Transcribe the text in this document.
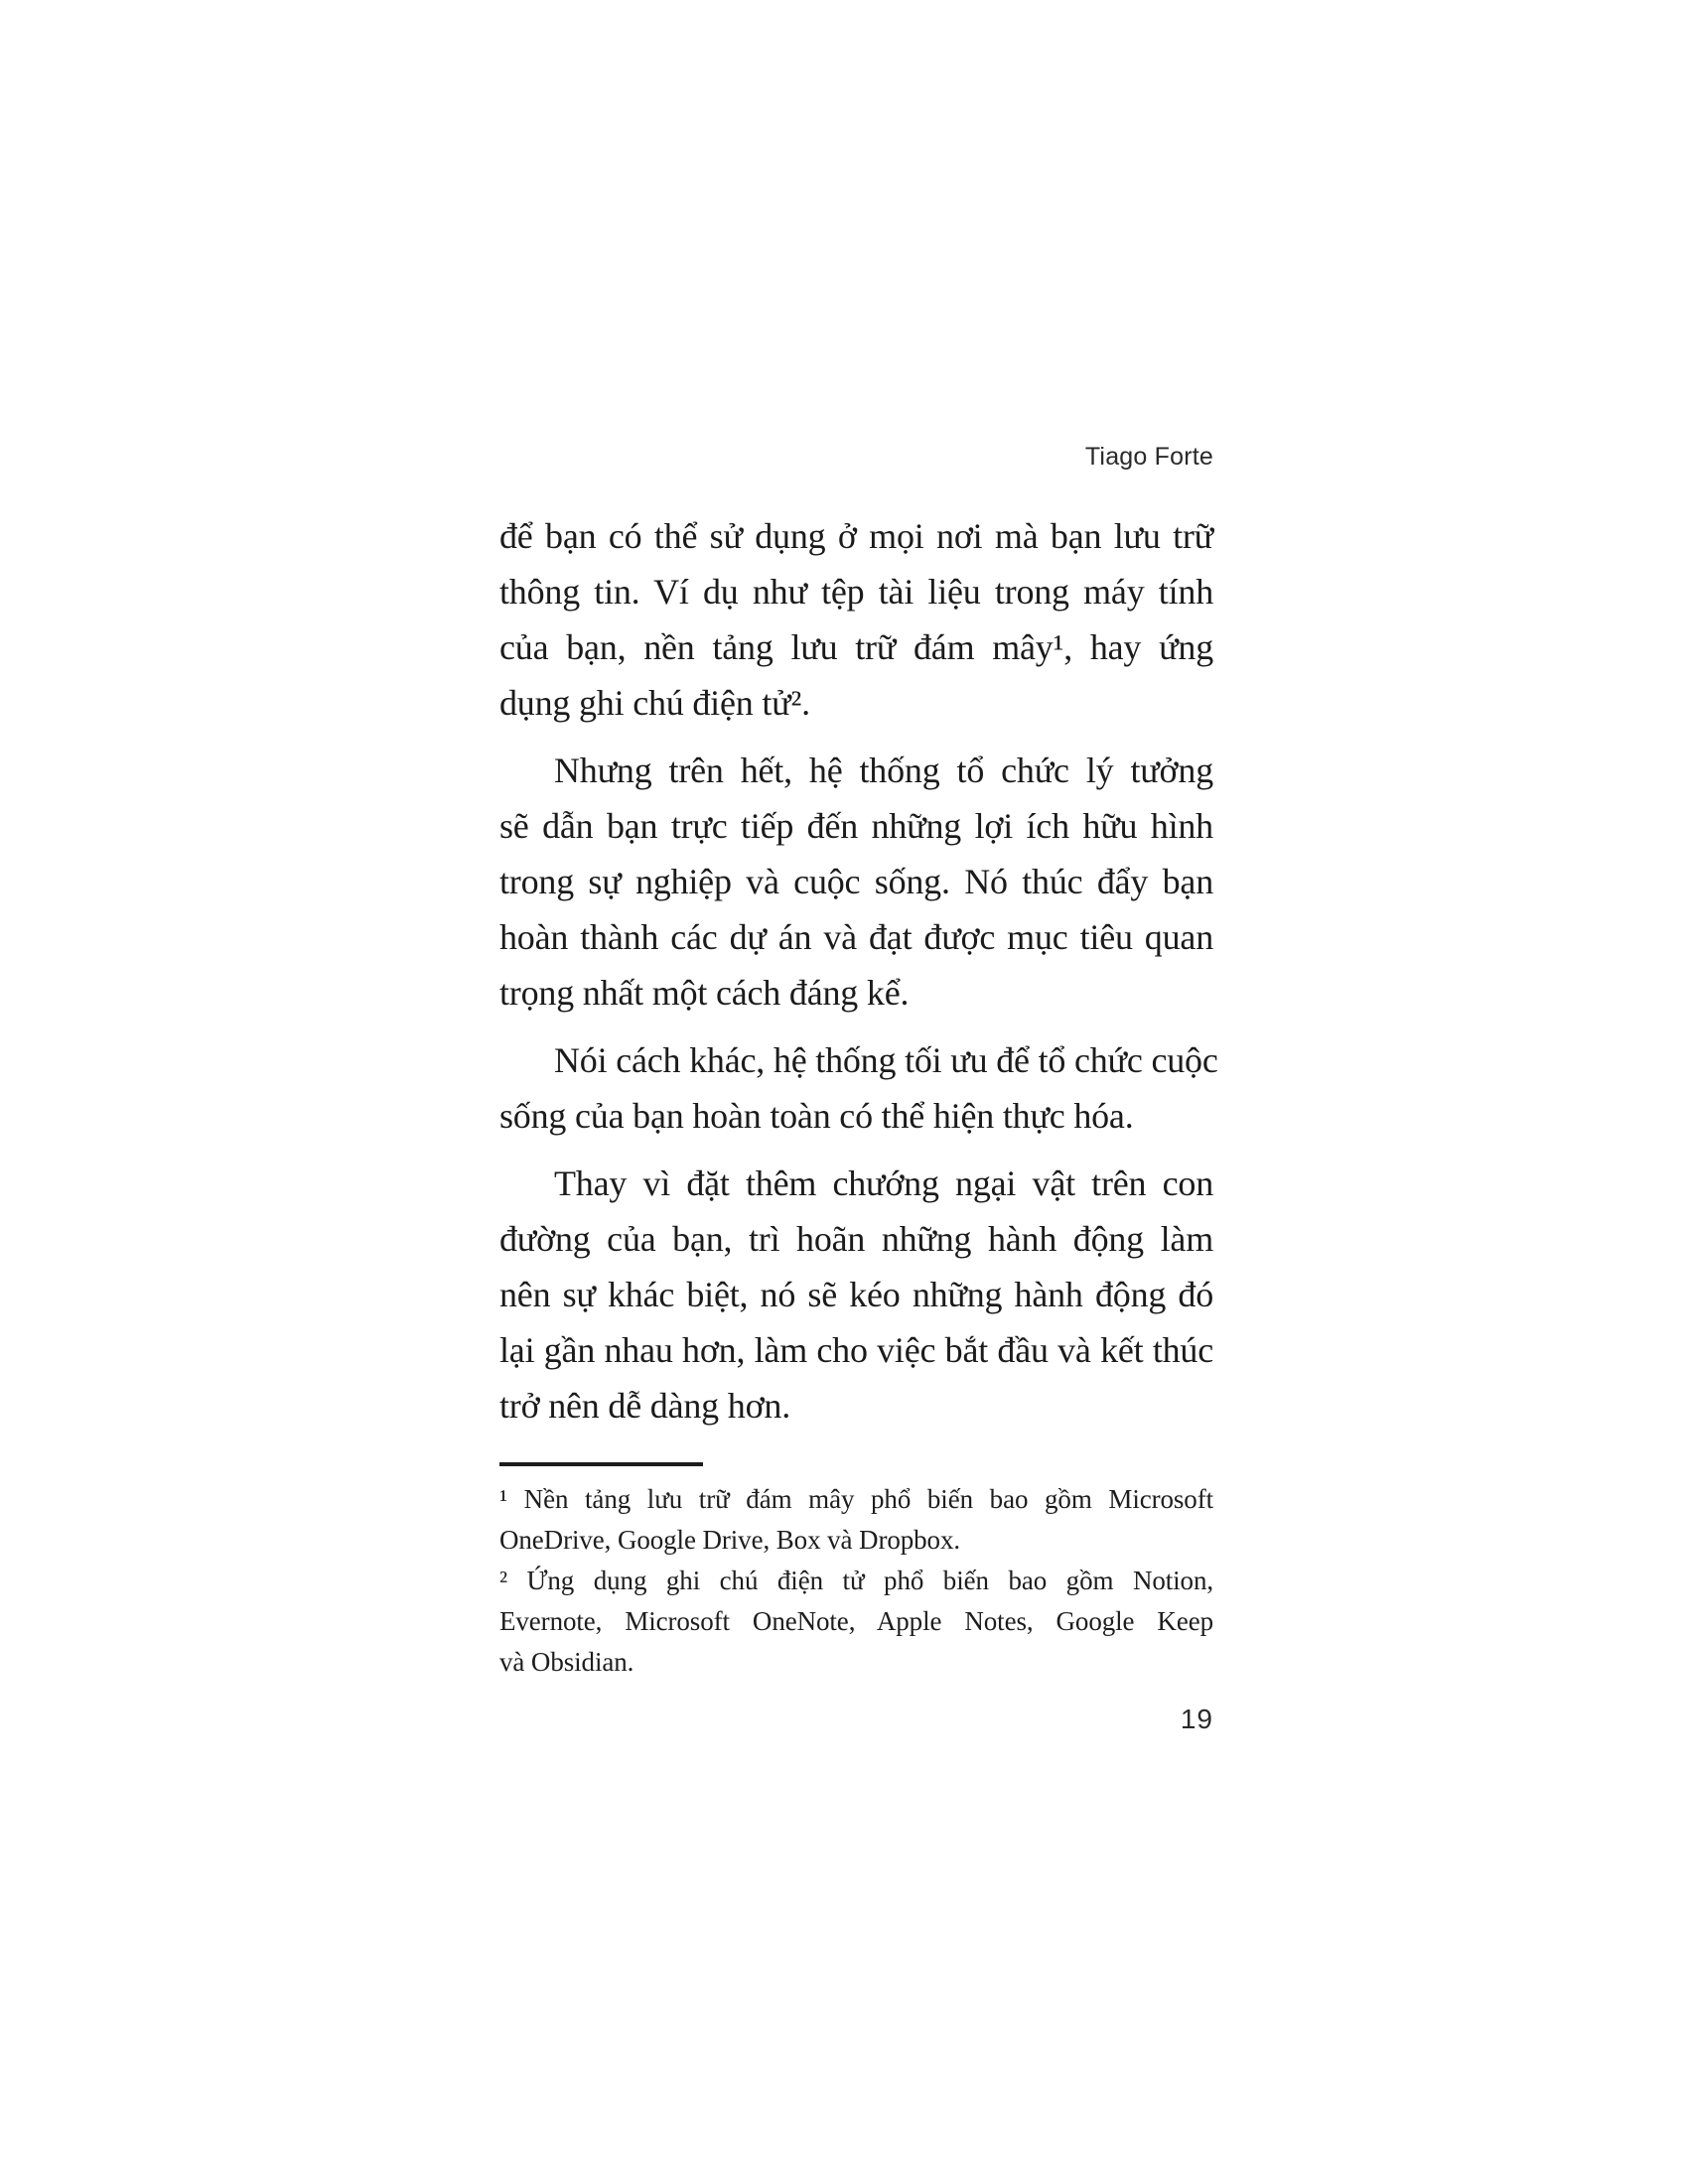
Tiago Forte
để bạn có thể sử dụng ở mọi nơi mà bạn lưu trữ
thông tin. Ví dụ như tệp tài liệu trong máy tính
của bạn, nền tảng lưu trữ đám mây¹, hay ứng
dụng ghi chú điện tử².
Nhưng trên hết, hệ thống tổ chức lý tưởng
sẽ dẫn bạn trực tiếp đến những lợi ích hữu hình
trong sự nghiệp và cuộc sống. Nó thúc đẩy bạn
hoàn thành các dự án và đạt được mục tiêu quan
trọng nhất một cách đáng kể.
Nói cách khác, hệ thống tối ưu để tổ chức cuộc
sống của bạn hoàn toàn có thể hiện thực hóa.
Thay vì đặt thêm chướng ngại vật trên con
đường của bạn, trì hoãn những hành động làm
nên sự khác biệt, nó sẽ kéo những hành động đó
lại gần nhau hơn, làm cho việc bắt đầu và kết thúc
trở nên dễ dàng hơn.
¹ Nền tảng lưu trữ đám mây phổ biến bao gồm Microsoft
OneDrive, Google Drive, Box và Dropbox.
² Ứng dụng ghi chú điện tử phổ biến bao gồm Notion,
Evernote, Microsoft OneNote, Apple Notes, Google Keep
và Obsidian.
19
